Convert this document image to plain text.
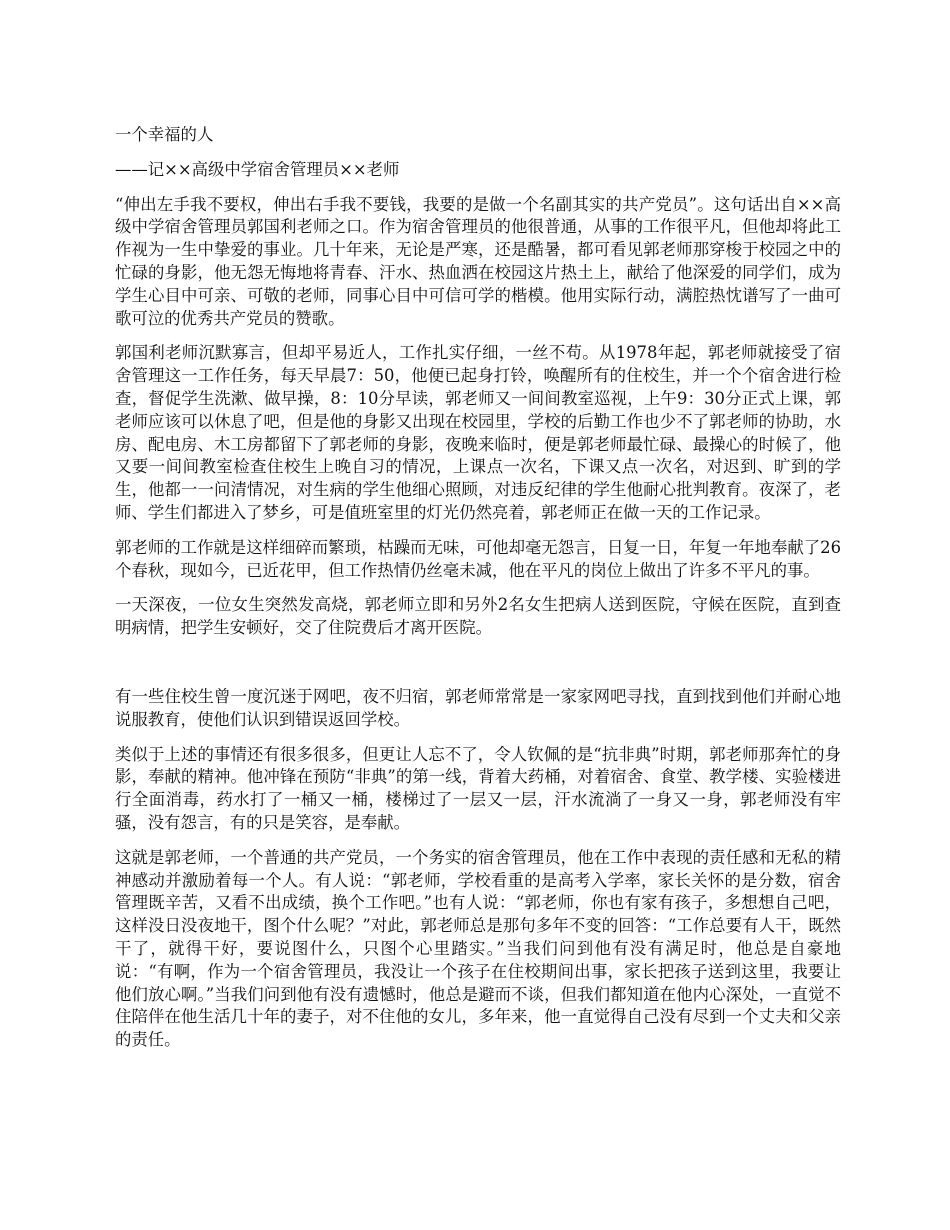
一个幸福的人

——记××高级中学宿舍管理员××老师

“伸出左手我不要权，伸出右手我不要钱，我要的是做一个名副其实的共产党员”。这句话出自××高级中学宿舍管理员郭国利老师之口。作为宿舍管理员的他很普通，从事的工作很平凡，但他却将此工作视为一生中挚爱的事业。几十年来，无论是严寒，还是酷暑，都可看见郭老师那穿梭于校园之中的忙碌的身影，他无怨无悔地将青春、汗水、热血洒在校园这片热土上，献给了他深爱的同学们，成为学生心目中可亲、可敬的老师，同事心目中可信可学的楷模。他用实际行动，满腔热忱谱写了一曲可歌可泣的优秀共产党员的赞歌。

郭国利老师沉默寡言，但却平易近人，工作扎实仔细，一丝不苟。从1978年起，郭老师就接受了宿舍管理这一工作任务，每天早晨7：50，他便已起身打铃，唤醒所有的住校生，并一个个宿舍进行检查，督促学生洗漱、做早操，8：10分早读，郭老师又一间间教室巡视，上午9：30分正式上课，郭老师应该可以休息了吧，但是他的身影又出现在校园里，学校的后勤工作也少不了郭老师的协助，水房、配电房、木工房都留下了郭老师的身影，夜晚来临时，便是郭老师最忙碌、最操心的时候了，他又要一间间教室检查住校生上晚自习的情况，上课点一次名，下课又点一次名，对迟到、旷到的学生，他都一一问清情况，对生病的学生他细心照顾，对违反纪律的学生他耐心批判教育。夜深了，老师、学生们都进入了梦乡，可是值班室里的灯光仍然亮着，郭老师正在做一天的工作记录。

郭老师的工作就是这样细碎而繁琐，枯躁而无味，可他却毫无怨言，日复一日，年复一年地奉献了26个春秋，现如今，已近花甲，但工作热情仍丝毫未减，他在平凡的岗位上做出了许多不平凡的事。

一天深夜，一位女生突然发高烧，郭老师立即和另外2名女生把病人送到医院，守候在医院，直到查明病情，把学生安顿好，交了住院费后才离开医院。

有一些住校生曾一度沉迷于网吧，夜不归宿，郭老师常常是一家家网吧寻找，直到找到他们并耐心地说服教育，使他们认识到错误返回学校。

类似于上述的事情还有很多很多，但更让人忘不了，令人钦佩的是“抗非典”时期，郭老师那奔忙的身影，奉献的精神。他冲锋在预防“非典”的第一线，背着大药桶，对着宿舍、食堂、教学楼、实验楼进行全面消毒，药水打了一桶又一桶，楼梯过了一层又一层，汗水流淌了一身又一身，郭老师没有牢骚，没有怨言，有的只是笑容，是奉献。

这就是郭老师，一个普通的共产党员，一个务实的宿舍管理员，他在工作中表现的责任感和无私的精神感动并激励着每一个人。有人说：“郭老师，学校看重的是高考入学率，家长关怀的是分数，宿舍管理既辛苦，又看不出成绩，换个工作吧。”也有人说：“郭老师，你也有家有孩子，多想想自己吧，这样没日没夜地干，图个什么呢？”对此，郭老师总是那句多年不变的回答：“工作总要有人干，既然干了，就得干好，要说图什么，只图个心里踏实。”当我们问到他有没有满足时，他总是自豪地说：“有啊，作为一个宿舍管理员，我没让一个孩子在住校期间出事，家长把孩子送到这里，我要让他们放心啊。”当我们问到他有没有遗憾时，他总是避而不谈，但我们都知道在他内心深处，一直觉不住陪伴在他生活几十年的妻子，对不住他的女儿，多年来，他一直觉得自己没有尽到一个丈夫和父亲的责任。
